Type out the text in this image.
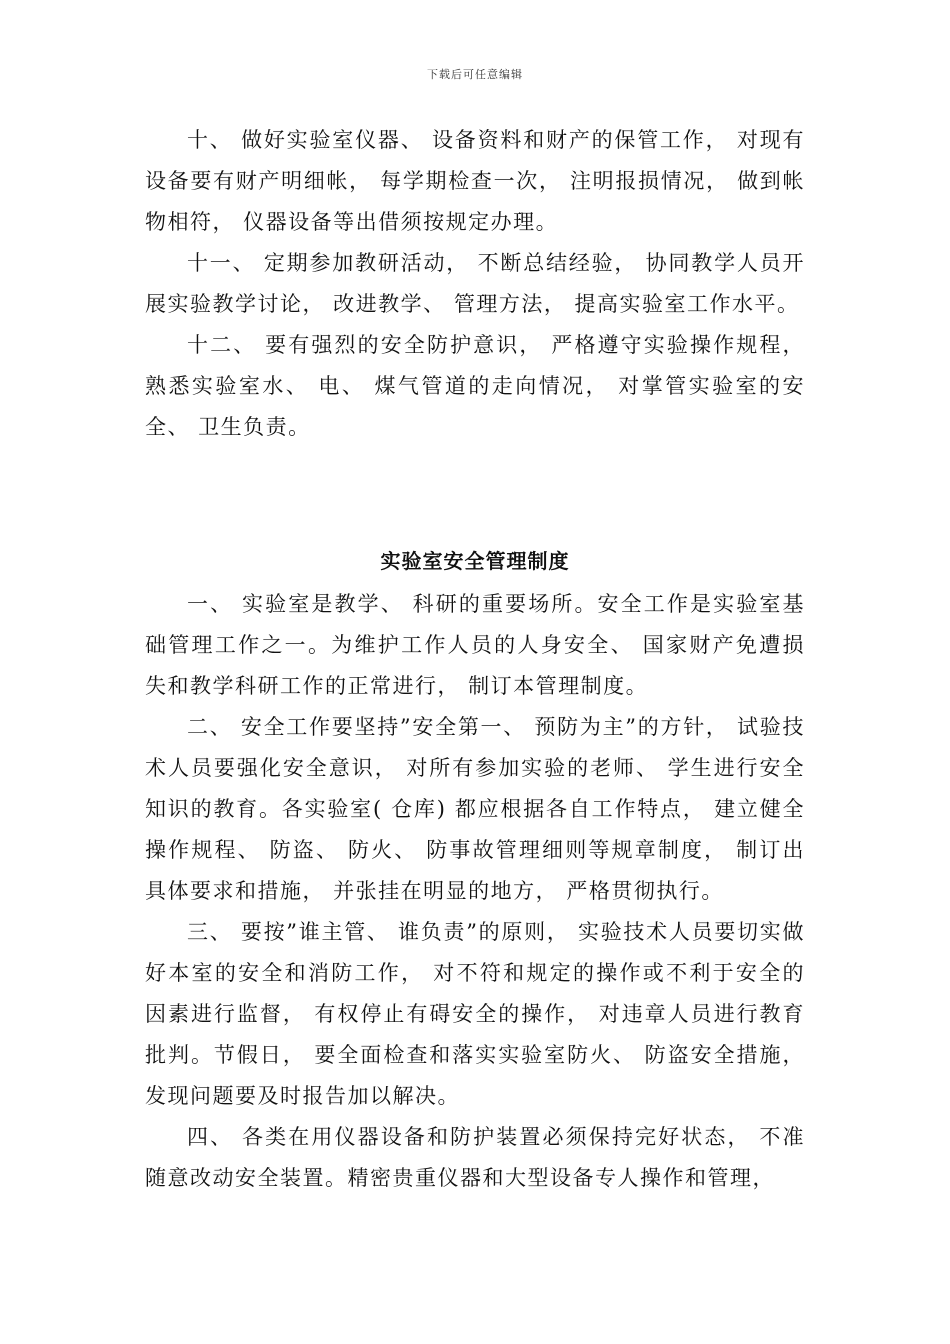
下载后可任意编辑

十、 做好实验室仪器、 设备资料和财产的保管工作， 对现有设备要有财产明细帐， 每学期检查一次， 注明报损情况， 做到帐物相符， 仪器设备等出借须按规定办理。

十一、 定期参加教研活动， 不断总结经验， 协同教学人员开展实验教学讨论， 改进教学、 管理方法， 提高实验室工作水平。

十二、 要有强烈的安全防护意识， 严格遵守实验操作规程， 熟悉实验室水、 电、 煤气管道的走向情况， 对掌管实验室的安全、 卫生负责。

实验室安全管理制度

一、 实验室是教学、 科研的重要场所。安全工作是实验室基础管理工作之一。为维护工作人员的人身安全、 国家财产免遭损失和教学科研工作的正常进行， 制订本管理制度。

二、 安全工作要坚持”安全第一、 预防为主”的方针， 试验技术人员要强化安全意识， 对所有参加实验的老师、 学生进行安全知识的教育。各实验室( 仓库) 都应根据各自工作特点， 建立健全操作规程、 防盗、 防火、 防事故管理细则等规章制度， 制订出具体要求和措施， 并张挂在明显的地方， 严格贯彻执行。

三、 要按”谁主管、 谁负责”的原则， 实验技术人员要切实做好本室的安全和消防工作， 对不符和规定的操作或不利于安全的因素进行监督， 有权停止有碍安全的操作， 对违章人员进行教育批判。节假日， 要全面检查和落实实验室防火、 防盗安全措施， 发现问题要及时报告加以解决。

四、 各类在用仪器设备和防护装置必须保持完好状态， 不准随意改动安全装置。精密贵重仪器和大型设备专人操作和管理，
